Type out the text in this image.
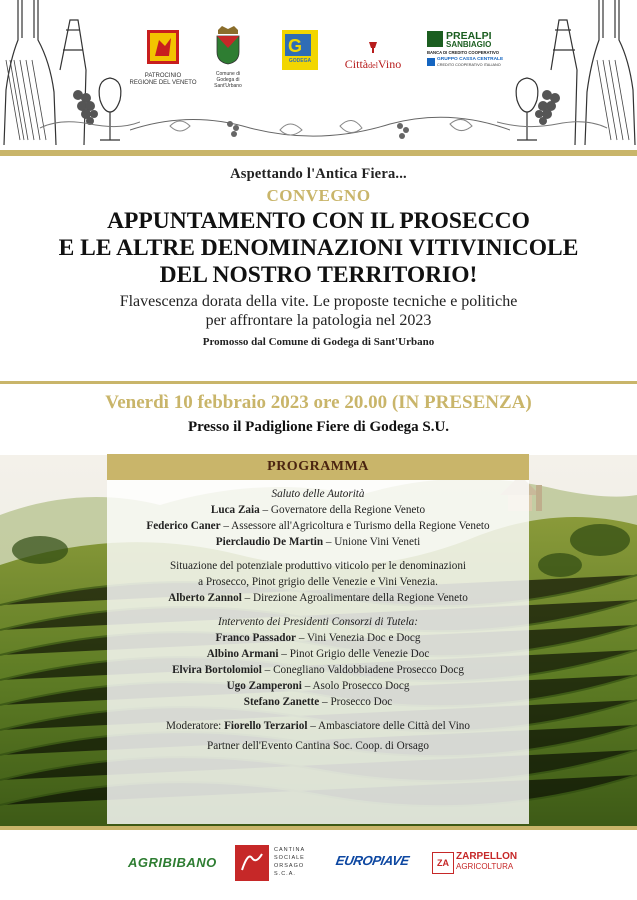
PATROCINIO
REGIONE DEL VENETO
Comune di
Godega di Sant'Urbano
G
GODEGA	CittàdelVino
PREALPI
SANBIAGIO
BANCA DI CREDITO COOPERATIVO
GRUPPO CASSA CENTRALE
CREDITO COOPERATIVO ITALIANO
Aspettando l'Antica Fiera...
CONVEGNO
APPUNTAMENTO CON IL PROSECCO
E LE ALTRE DENOMINAZIONI VITIVINICOLE
DEL NOSTRO TERRITORIO!
Flavescenza dorata della vite. Le proposte tecniche e politiche
per affrontare la patologia nel 2023
Promosso dal Comune di Godega di Sant'Urbano
Venerdì 10 febbraio 2023 ore 20.00 (IN PRESENZA)
Presso il Padiglione Fiere di Godega S.U.
PROGRAMMA
Saluto delle Autorità
Luca Zaia – Governatore della Regione Veneto
Federico Caner – Assessore all'Agricoltura e Turismo della Regione Veneto
Pierclaudio De Martin – Unione Vini Veneti
Situazione del potenziale produttivo viticolo per le denominazioni
a Prosecco, Pinot grigio delle Venezie e Vini Venezia.
Alberto Zannol – Direzione Agroalimentare della Regione Veneto
Intervento dei Presidenti Consorzi di Tutela:
Franco Passador – Vini Venezia Doc e Docg
Albino Armani – Pinot Grigio delle Venezie Doc
Elvira Bortolomiol – Conegliano Valdobbiadene Prosecco Docg
Ugo Zamperoni – Asolo Prosecco Docg
Stefano Zanette – Prosecco Doc
Moderatore: Fiorello Terzariol – Ambasciatore delle Città del Vino
Partner dell'Evento Cantina Soc. Coop. di Orsago
AGRIBIBANO
CANTINA
SOCIALE
ORSAGO
S.C.A.
EUROPIAVE	ZA
ZARPELLON
AGRICOLTURA
